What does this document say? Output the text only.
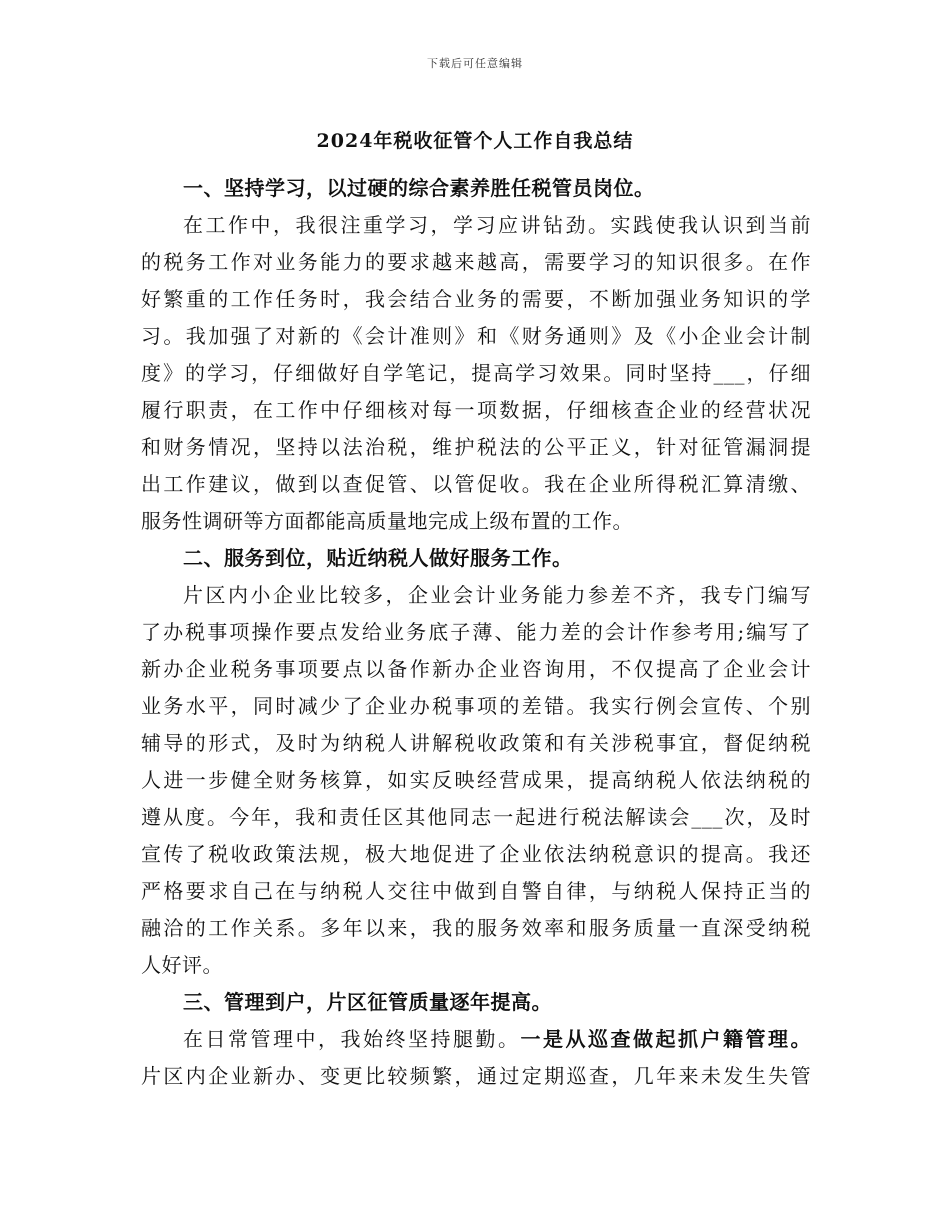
下载后可任意编辑
2024年税收征管个人工作自我总结
一、坚持学习，以过硬的综合素养胜任税管员岗位。
在工作中，我很注重学习，学习应讲钻劲。实践使我认识到当前
的税务工作对业务能力的要求越来越高，需要学习的知识很多。在作
好繁重的工作任务时，我会结合业务的需要，不断加强业务知识的学
习。我加强了对新的《会计准则》和《财务通则》及《小企业会计制
度》的学习，仔细做好自学笔记，提高学习效果。同时坚持___，仔细
履行职责，在工作中仔细核对每一项数据，仔细核查企业的经营状况
和财务情况，坚持以法治税，维护税法的公平正义，针对征管漏洞提
出工作建议，做到以查促管、以管促收。我在企业所得税汇算清缴、
服务性调研等方面都能高质量地完成上级布置的工作。
二、服务到位，贴近纳税人做好服务工作。
片区内小企业比较多，企业会计业务能力参差不齐，我专门编写
了办税事项操作要点发给业务底子薄、能力差的会计作参考用;编写了
新办企业税务事项要点以备作新办企业咨询用，不仅提高了企业会计
业务水平，同时减少了企业办税事项的差错。我实行例会宣传、个别
辅导的形式，及时为纳税人讲解税收政策和有关涉税事宜，督促纳税
人进一步健全财务核算，如实反映经营成果，提高纳税人依法纳税的
遵从度。今年，我和责任区其他同志一起进行税法解读会___次，及时
宣传了税收政策法规，极大地促进了企业依法纳税意识的提高。我还
严格要求自己在与纳税人交往中做到自警自律，与纳税人保持正当的
融洽的工作关系。多年以来，我的服务效率和服务质量一直深受纳税
人好评。
三、管理到户，片区征管质量逐年提高。
在日常管理中，我始终坚持腿勤。一是从巡查做起抓户籍管理。
片区内企业新办、变更比较频繁，通过定期巡查，几年来未发生失管
